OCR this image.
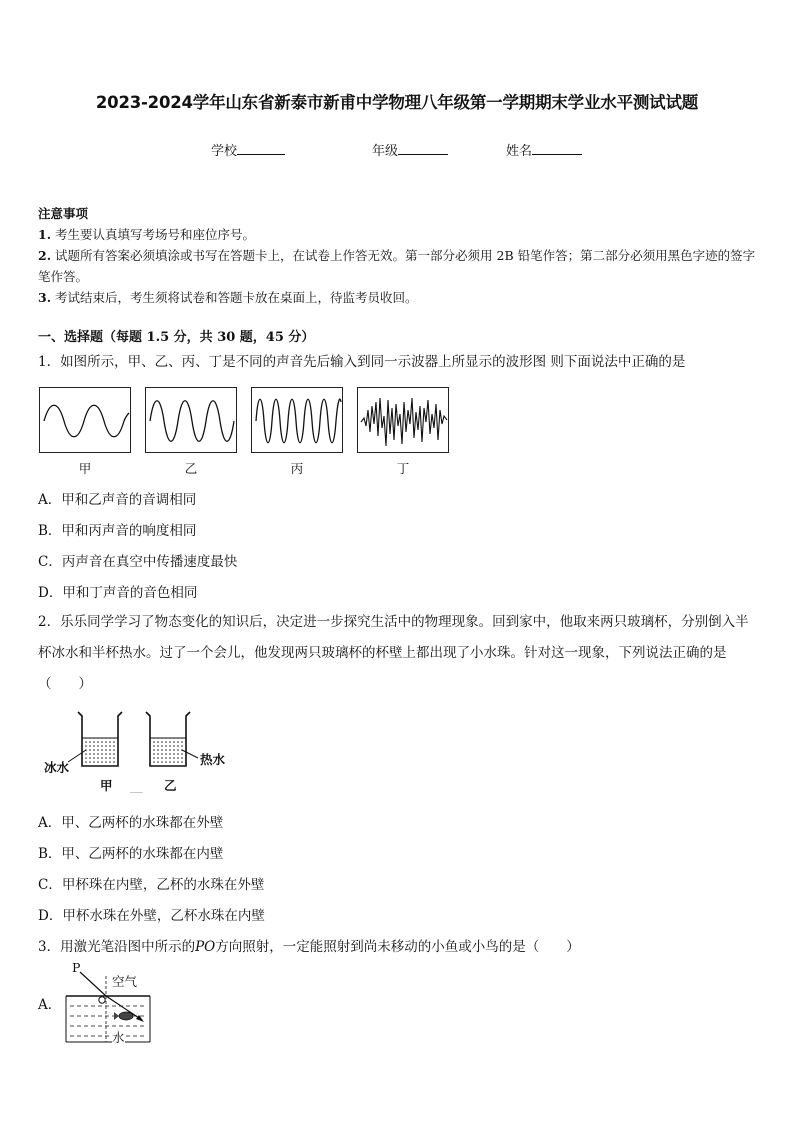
2023-2024学年山东省新泰市新甫中学物理八年级第一学期期末学业水平测试试题
学校	年级	姓名
注意事项
1. 考生要认真填写考场号和座位序号。
2. 试题所有答案必须填涂或书写在答题卡上，在试卷上作答无效。第一部分必须用 2B 铅笔作答；第二部分必须用黑色字迹的签字笔作答。
3. 考试结束后，考生须将试卷和答题卡放在桌面上，待监考员收回。
一、选择题（每题 1.5 分，共 30 题，45 分）
1．如图所示，甲、乙、丙、丁是不同的声音先后输入到同一示波器上所显示的波形图 则下面说法中正确的是
甲	乙	丙	丁
A．甲和乙声音的音调相同
B．甲和丙声音的响度相同
C．丙声音在真空中传播速度最快
D．甲和丁声音的音色相同
2．乐乐同学学习了物态变化的知识后，决定进一步探究生活中的物理现象。回到家中，他取来两只玻璃杯，分别倒入半杯冰水和半杯热水。过了一个会儿，他发现两只玻璃杯的杯壁上都出现了小水珠。针对这一现象，下列说法正确的是（　　）
冰水
热水
甲 __ 乙
A．甲、乙两杯的水珠都在外壁
B．甲、乙两杯的水珠都在内壁
C．甲杯珠在内壁，乙杯的水珠在外壁
D．甲杯水珠在外壁，乙杯水珠在内壁
3．用激光笔沿图中所示的PO方向照射，一定能照射到尚未移动的小鱼或小鸟的是（　　）
A．
P
空气
水
